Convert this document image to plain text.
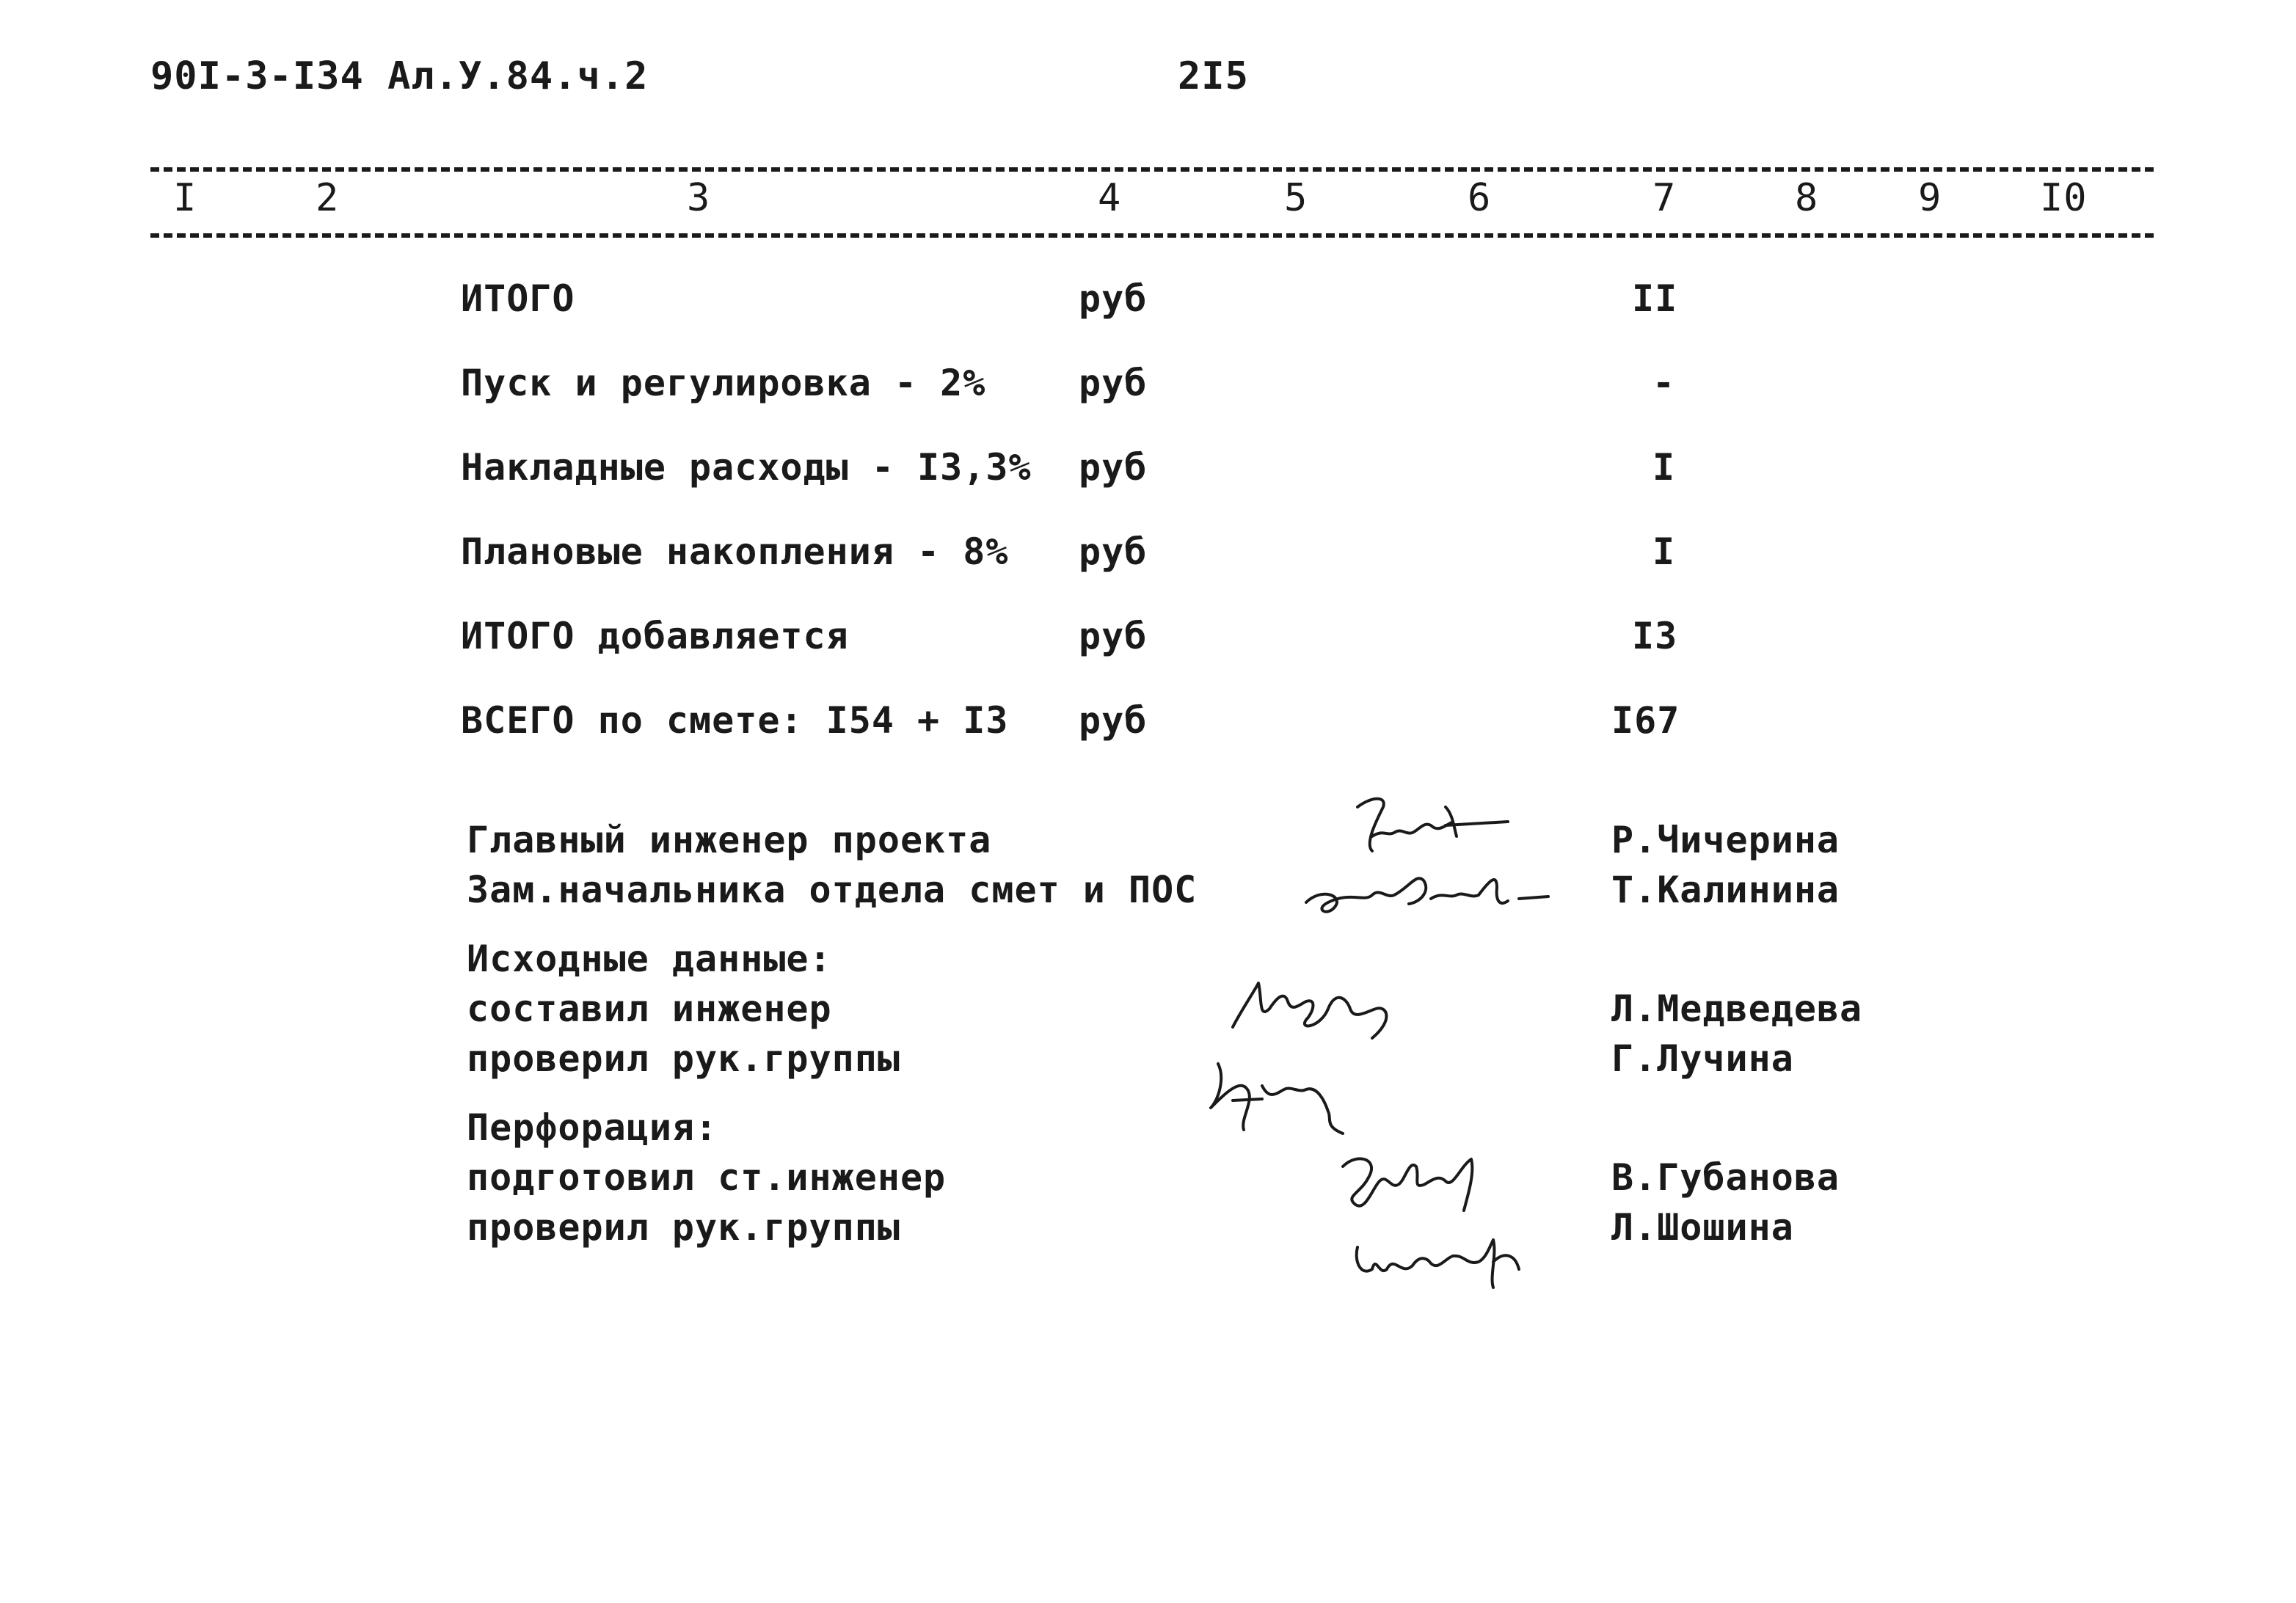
90I-3-I34 Ал.У.84.ч.2	2I5
I	2	3	4	5	6	7	8	9	I0
ИТОГО	руб	II
Пуск и регулировка - 2%	руб	-
Накладные расходы - I3,3% руб	I
Плановые накопления - 8% руб	I
ИТОГО добавляется	руб	I3
ВСЕГО по смете: I54 + I3 руб	I67
Главный инженер проекта	Р.Чичерина
Зам.начальника отдела смет и ПОС	Т.Калинина
Исходные данные:
составил инженер	Л.Медведева
проверил рук.группы	Г.Лучина
Перфорация:
подготовил ст.инженер	В.Губанова
проверил рук.группы	Л.Шошина
